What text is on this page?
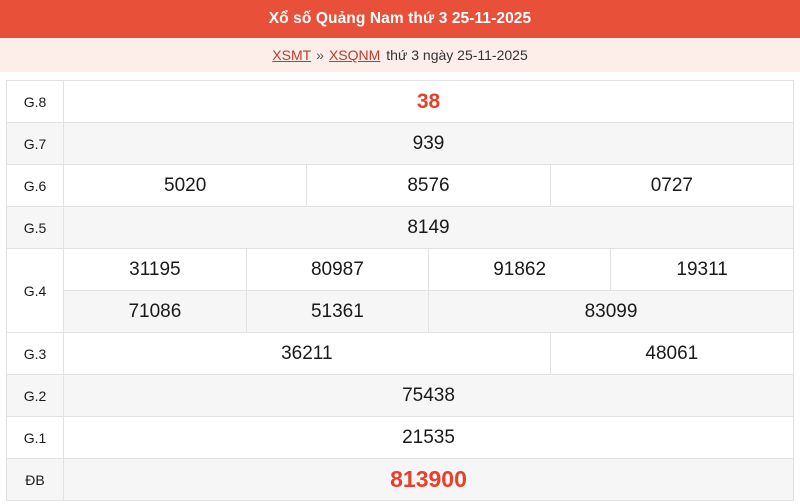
Xổ số Quảng Nam thứ 3 25-11-2025
XSMT » XSQNM thứ 3 ngày 25-11-2025
G.8	38
G.7	939
G.6	5020	8576	0727
G.5	8149
G.4	
31195	80987	91862	19311
71086	51361	83099

G.3	36211	48061
G.2	75438
G.1	21535
ĐB	813900
